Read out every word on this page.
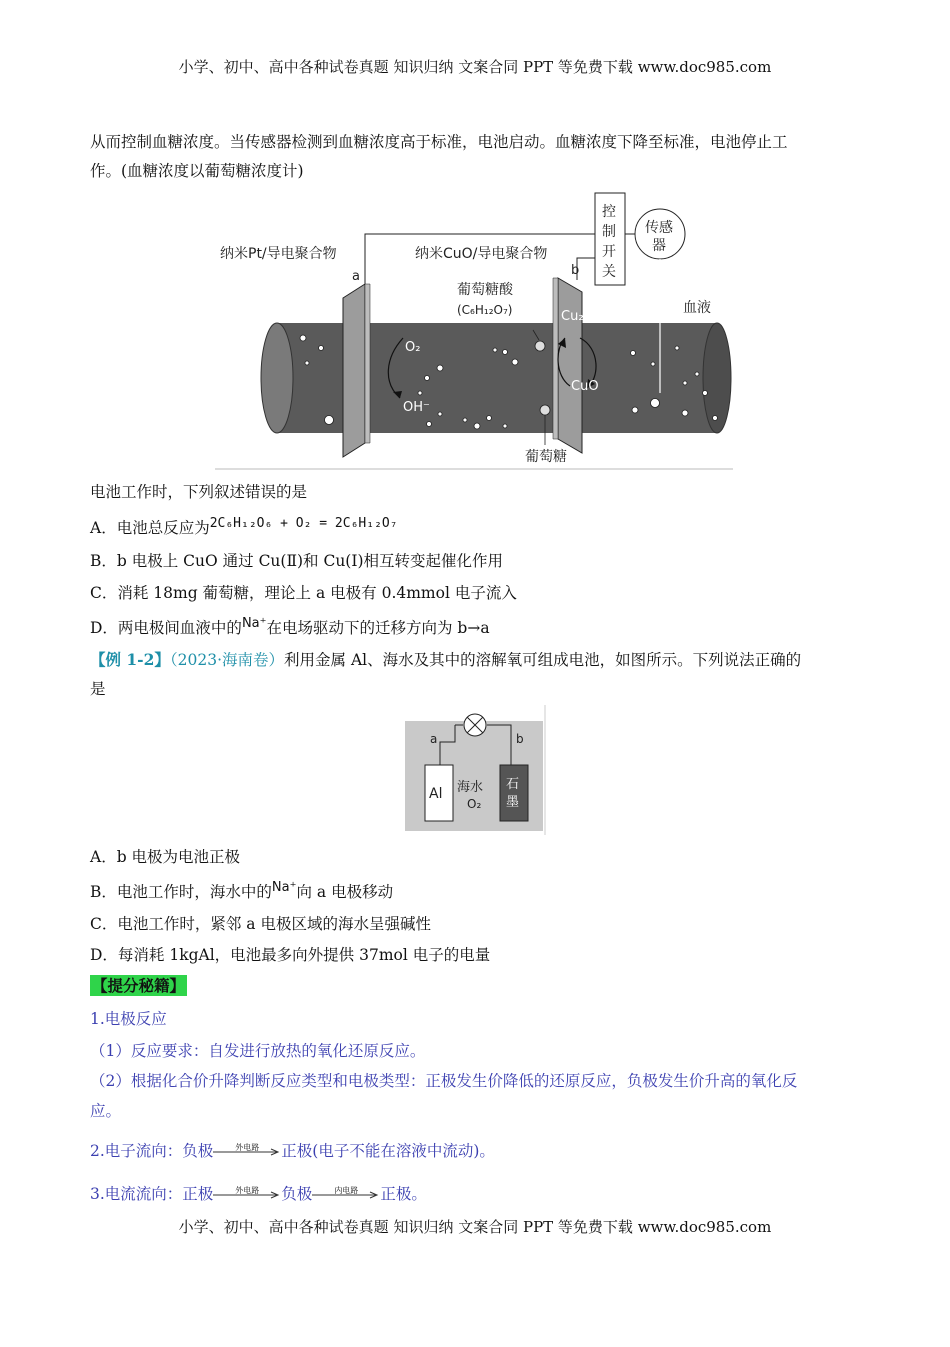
小学、初中、高中各种试卷真题 知识归纳 文案合同 PPT 等免费下载 www.doc985.com
从而控制血糖浓度。当传感器检测到血糖浓度高于标准，电池启动。血糖浓度下降至标准，电池停止工
作。(血糖浓度以葡萄糖浓度计)
纳米Pt/导电聚合物
a
纳米CuO/导电聚合物
b
控
制
开
关
传感
器
血液
葡萄糖酸
(C₆H₁₂O₇)
O₂
OH⁻
Cu₂O
CuO
葡萄糖
电池工作时，下列叙述错误的是
A．电池总反应为$^{2C_6H_{12}O_6 + O_2 = 2C_6H_{12}O_7}$
B．b 电极上 CuO 通过 Cu(Ⅱ)和 Cu(Ⅰ)相互转变起催化作用
C．消耗 18mg 葡萄糖，理论上 a 电极有 0.4mmol 电子流入
D．两电极间血液中的$^{Na^+}$在电场驱动下的迁移方向为 b→a
【例 1-2】（2023·海南卷）利用金属 Al、海水及其中的溶解氧可组成电池，如图所示。下列说法正确的
是
a	b
Al 海水
O₂
石
墨
A．b 电极为电池正极
B．电池工作时，海水中的$^{Na^+}$向 a 电极移动
C．电池工作时，紧邻 a 电极区域的海水呈强碱性
D．每消耗 1kgAl，电池最多向外提供 37mol 电子的电量
【提分秘籍】
1.电极反应
（1）反应要求：自发进行放热的氧化还原反应。
（2）根据化合价升降判断反应类型和电极类型：正极发生价降低的还原反应，负极发生价升高的氧化反
应。
2.电子流向：负极	外电路	正极(电子不能在溶液中流动)。
3.电流流向：正极	外电路	负极	内电路	正极。
小学、初中、高中各种试卷真题 知识归纳 文案合同 PPT 等免费下载 www.doc985.com
